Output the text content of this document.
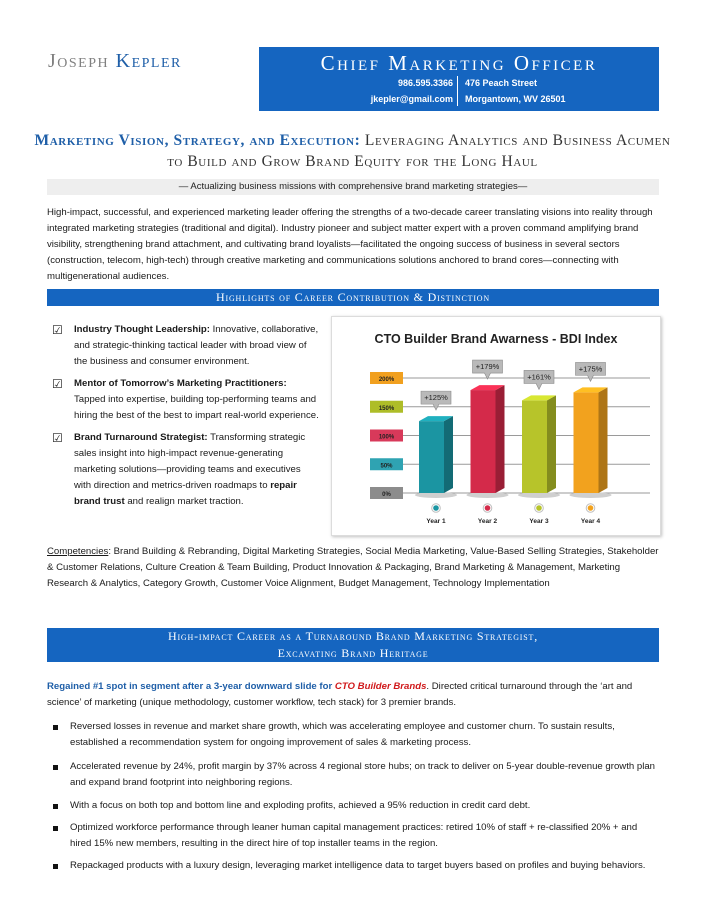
Joseph Kepler	Chief Marketing Officer
986.595.3366
jkepler@gmail.com
476 Peach Street
Morgantown, WV 26501
Marketing Vision, Strategy, and Execution: Leveraging Analytics and Business Acumen to Build and Grow Brand Equity for the Long Haul
— Actualizing business missions with comprehensive brand marketing strategies—
High-impact, successful, and experienced marketing leader offering the strengths of a two-decade career translating visions into reality through integrated marketing strategies (traditional and digital). Industry pioneer and subject matter expert with a proven command amplifying brand visibility, strengthening brand attachment, and cultivating brand loyalists—facilitated the ongoing success of business in several sectors (construction, telecom, high-tech) through creative marketing and communications solutions anchored to brand cores—connecting with multigenerational audiences.
Highlights of Career Contribution & Distinction
☑ Industry Thought Leadership: Innovative, collaborative, and strategic-thinking tactical leader with broad view of the business and consumer environment.
☑ Mentor of Tomorrow’s Marketing Practitioners: Tapped into expertise, building top-performing teams and hiring the best of the best to impart real-world experience.
☑ Brand Turnaround Strategist: Transforming strategic sales insight into high-impact revenue-generating marketing solutions—providing teams and executives with direction and metrics-driven roadmaps to repair brand trust and realign market traction.
CTO Builder Brand Awarness - BDI Index
0%
50%
100%
150%
200%
+125%
+179%
+161%
+175%
Year 1	Year 2	Year 3	Year 4
Competencies: Brand Building & Rebranding, Digital Marketing Strategies, Social Media Marketing, Value-Based Selling Strategies, Stakeholder & Customer Relations, Culture Creation & Team Building, Product Innovation & Packaging, Brand Marketing & Management, Marketing Research & Analytics, Category Growth, Customer Voice Alignment, Budget Management, Technology Implementation
High-impact Career as a Turnaround Brand Marketing Strategist,
Excavating Brand Heritage
Regained #1 spot in segment after a 3-year downward slide for CTO Builder Brands. Directed critical turnaround through the ‘art and science’ of marketing (unique methodology, customer workflow, tech stack) for 3 premier brands.
Reversed losses in revenue and market share growth, which was accelerating employee and customer churn. To sustain results, established a recommendation system for ongoing improvement of sales & marketing process.
Accelerated revenue by 24%, profit margin by 37% across 4 regional store hubs; on track to deliver on 5-year double-revenue growth plan and expand brand footprint into neighboring regions.
With a focus on both top and bottom line and exploding profits, achieved a 95% reduction in credit card debt.
Optimized workforce performance through leaner human capital management practices: retired 10% of staff + re-classified 20% + and hired 15% new members, resulting in the direct hire of top installer teams in the region.
Repackaged products with a luxury design, leveraging market intelligence data to target buyers based on profiles and buying behaviors.
